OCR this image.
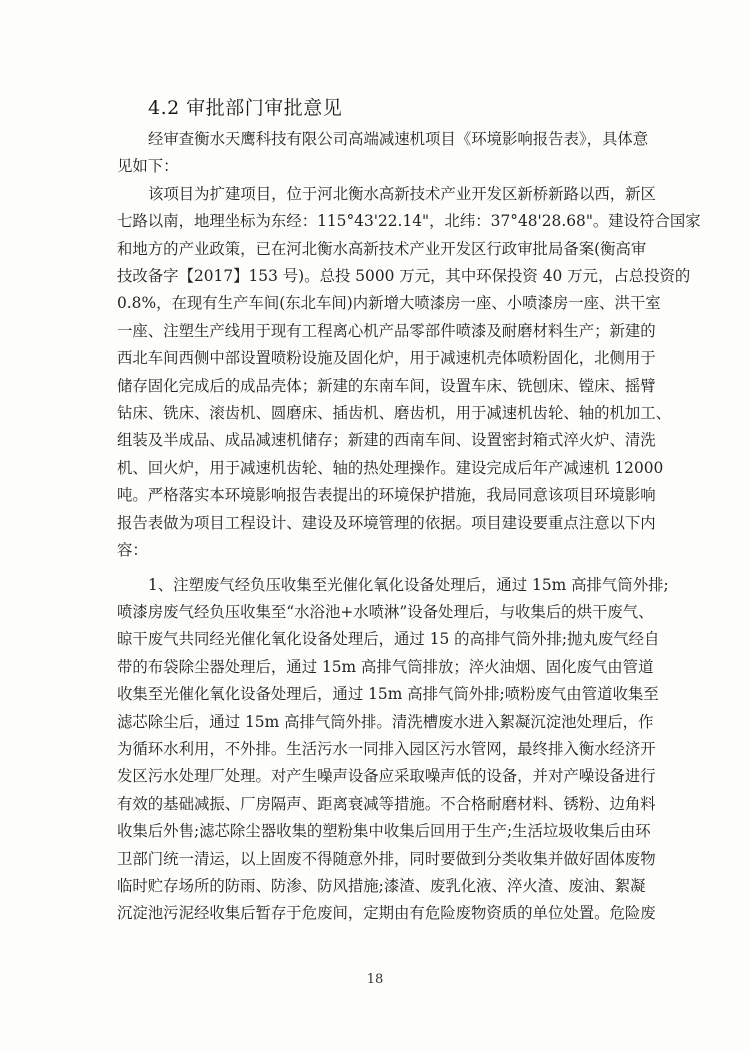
4.2 审批部门审批意见

经审查衡水天鹰科技有限公司高端减速机项目《环境影响报告表》，具体意
见如下：

该项目为扩建项目，位于河北衡水高新技术产业开发区新桥新路以西，新区
七路以南，地理坐标为东经：115°43'22.14"，北纬：37°48'28.68"。建设符合国家
和地方的产业政策，已在河北衡水高新技术产业开发区行政审批局备案(衡高审
技改备字【2017】153 号)。总投 5000 万元，其中环保投资 40 万元，占总投资的
0.8%，在现有生产车间(东北车间)内新增大喷漆房一座、小喷漆房一座、洪干室
一座、注塑生产线用于现有工程离心机产品零部件喷漆及耐磨材料生产；新建的
西北车间西侧中部设置喷粉设施及固化炉，用于减速机壳体喷粉固化，北侧用于
储存固化完成后的成品壳体；新建的东南车间，设置车床、铣刨床、镗床、摇臂
钻床、铣床、滚齿机、圆磨床、插齿机、磨齿机，用于减速机齿轮、轴的机加工、
组装及半成品、成品减速机储存；新建的西南车间、设置密封箱式淬火炉、清洗
机、回火炉，用于减速机齿轮、轴的热处理操作。建设完成后年产减速机 12000
吨。严格落实本环境影响报告表提出的环境保护措施，我局同意该项目环境影响
报告表做为项目工程设计、建设及环境管理的依据。项目建设要重点注意以下内
容：

1、注塑废气经负压收集至光催化氧化设备处理后，通过 15m 高排气筒外排;
喷漆房废气经负压收集至“水浴池+水喷淋”设备处理后，与收集后的烘干废气、
晾干废气共同经光催化氧化设备处理后，通过 15 的高排气筒外排;抛丸废气经自
带的布袋除尘器处理后，通过 15m 高排气筒排放；淬火油烟、固化废气由管道
收集至光催化氧化设备处理后，通过 15m 高排气筒外排;喷粉废气由管道收集至
滤芯除尘后，通过 15m 高排气筒外排。清洗槽废水进入絮凝沉淀池处理后，作
为循环水利用，不外排。生活污水一同排入园区污水管网，最终排入衡水经济开
发区污水处理厂处理。对产生噪声设备应采取噪声低的设备，并对产噪设备进行
有效的基础减振、厂房隔声、距离衰减等措施。不合格耐磨材料、锈粉、边角料
收集后外售;滤芯除尘器收集的塑粉集中收集后回用于生产;生活垃圾收集后由环
卫部门统一清运，以上固废不得随意外排，同时要做到分类收集并做好固体废物
临时贮存场所的防雨、防渗、防风措施;漆渣、废乳化液、淬火渣、废油、絮凝
沉淀池污泥经收集后暂存于危废间，定期由有危险废物资质的单位处置。危险废

18
